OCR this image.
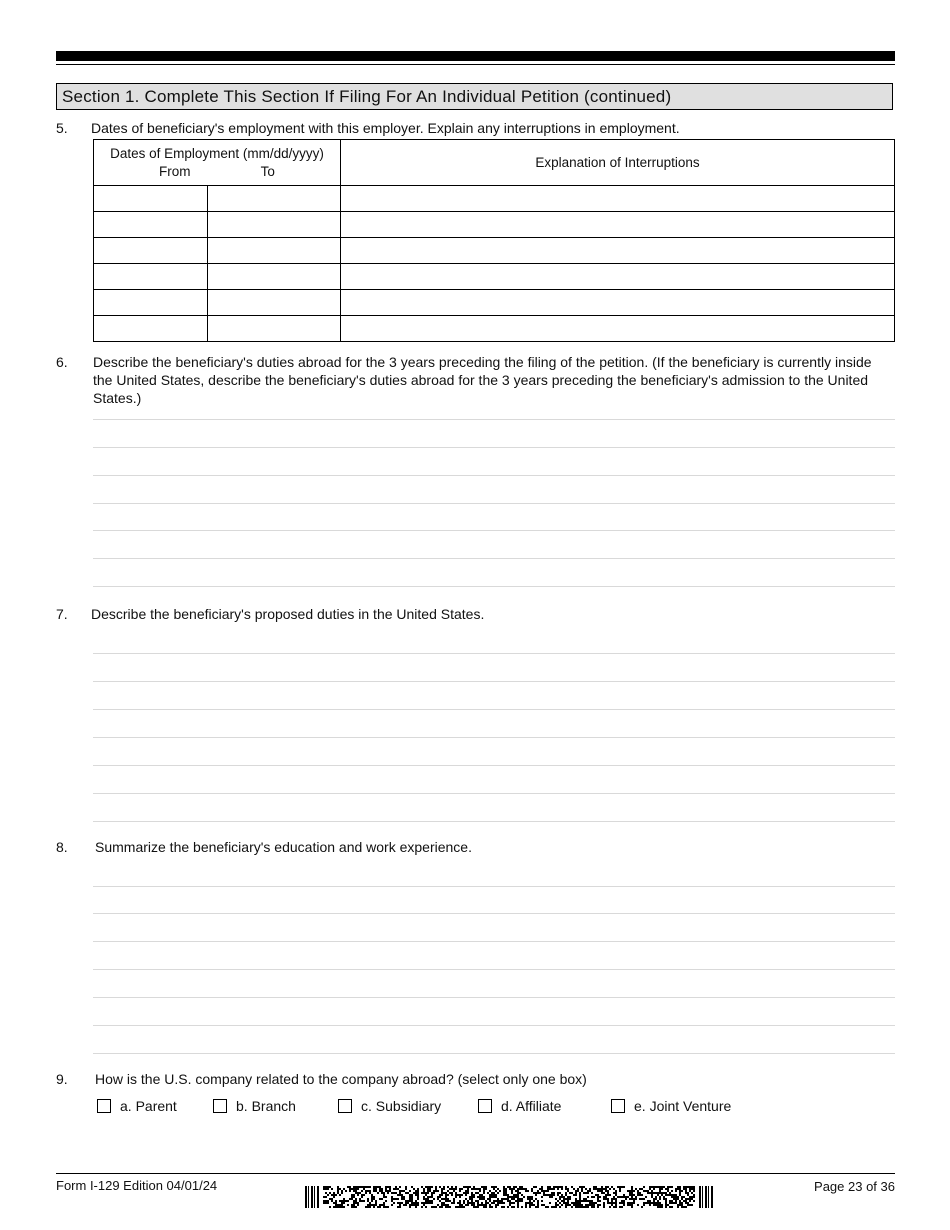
Section 1. Complete This Section If Filing For An Individual Petition (continued)
5. Dates of beneficiary's employment with this employer. Explain any interruptions in employment.
Dates of Employment (mm/dd/yyyy)
From To		Explanation of Interruptions

6. Describe the beneficiary's duties abroad for the 3 years preceding the filing of the petition. (If the beneficiary is currently inside the United States, describe the beneficiary's duties abroad for the 3 years preceding the beneficiary's admission to the United States.)
7. Describe the beneficiary's proposed duties in the United States.
8. Summarize the beneficiary's education and work experience.
9. How is the U.S. company related to the company abroad? (select only one box)
a. Parent	b. Branch	c. Subsidiary	d. Affiliate	e. Joint Venture
Form I-129 Edition 04/01/24	Page 23 of 36
